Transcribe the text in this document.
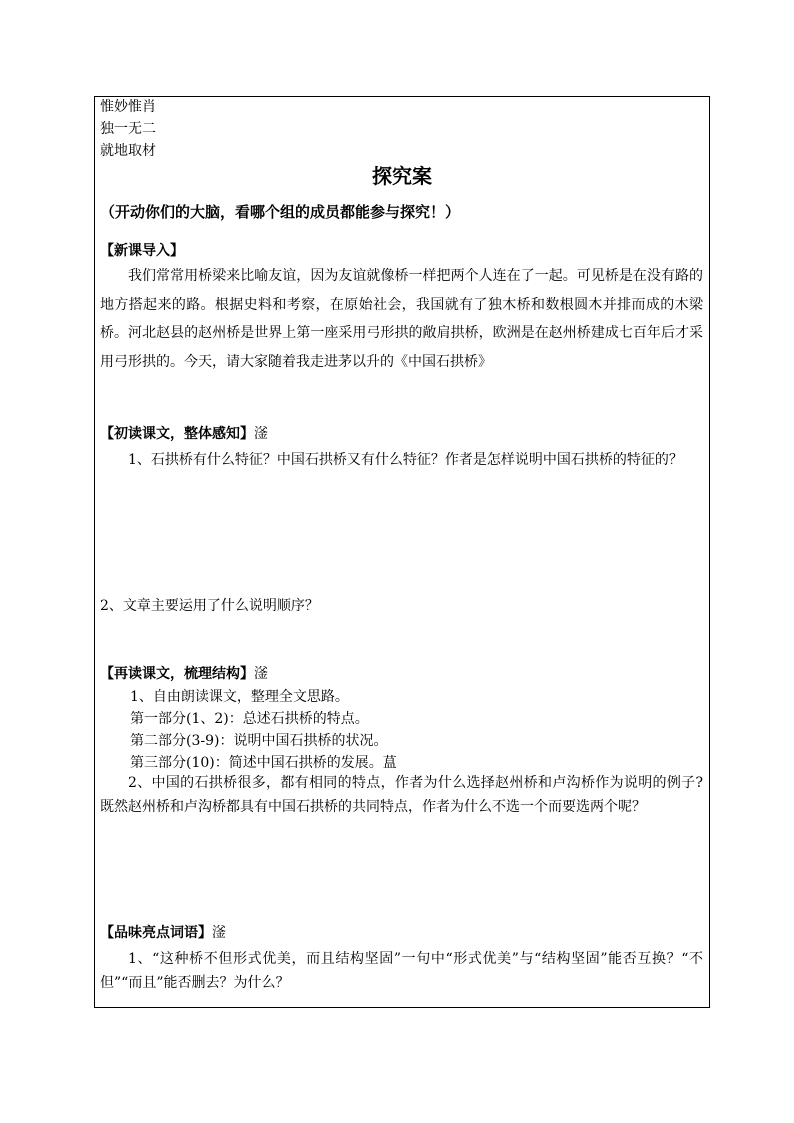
惟妙惟肖
独一无二
就地取材
探究案
（开动你们的大脑，看哪个组的成员都能参与探究！）
【新课导入】
我们常常用桥梁来比喻友谊，因为友谊就像桥一样把两个人连在了一起。可见桥是在没有路的地方搭起来的路。根据史料和考察，在原始社会，我国就有了独木桥和数根圆木并排而成的木梁桥。河北赵县的赵州桥是世界上第一座采用弓形拱的敞肩拱桥，欧洲是在赵州桥建成七百年后才采用弓形拱的。今天，请大家随着我走进茅以升的《中国石拱桥》
【初读课文，整体感知】滏
1、石拱桥有什么特征？中国石拱桥又有什么特征？作者是怎样说明中国石拱桥的特征的？
2、文章主要运用了什么说明顺序？
【再读课文，梳理结构】滏
1、自由朗读课文，整理全文思路。
第一部分(1、2)：总述石拱桥的特点。
第二部分(3-9)：说明中国石拱桥的状况。
第三部分(10)：简述中国石拱桥的发展。蒀
2、中国的石拱桥很多，都有相同的特点，作者为什么选择赵州桥和卢沟桥作为说明的例子?既然赵州桥和卢沟桥都具有中国石拱桥的共同特点，作者为什么不选一个而要选两个呢？
【品味亮点词语】滏
1、“这种桥不但形式优美，而且结构坚固”一句中“形式优美”与“结构坚固”能否互换？“不但”“而且”能否删去？为什么？
